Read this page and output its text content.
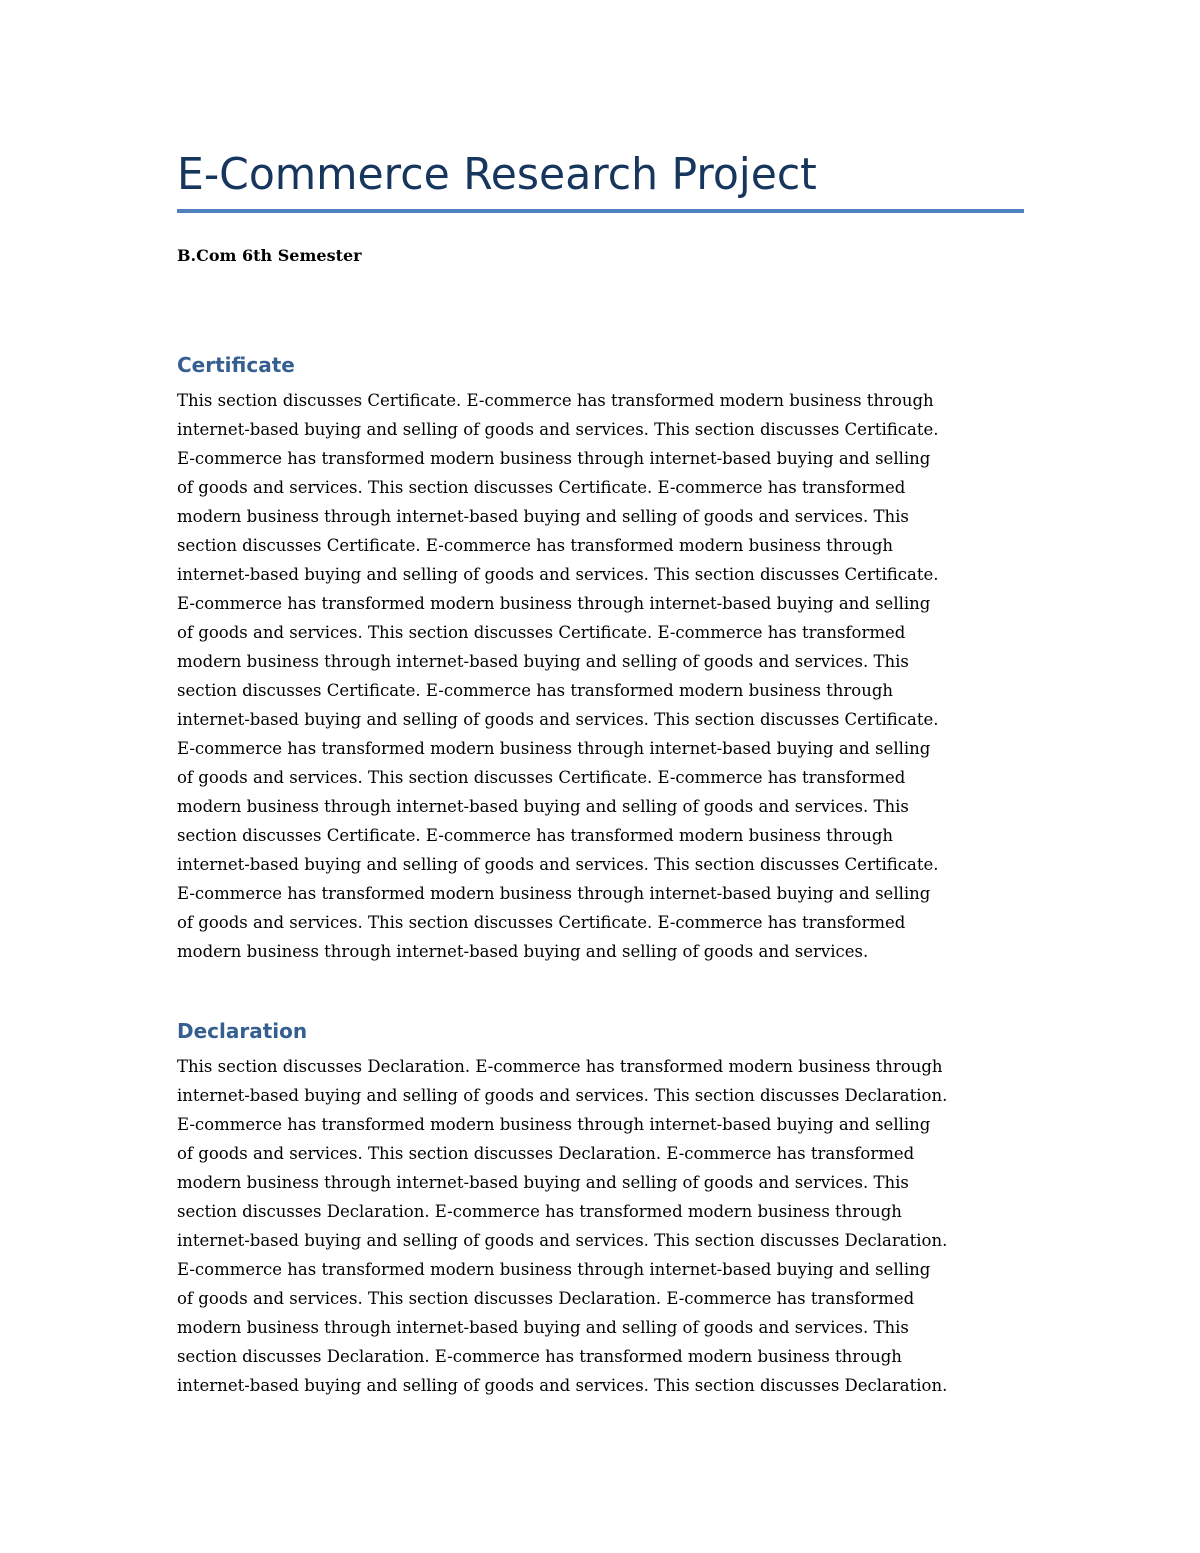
E-Commerce Research Project

B.Com 6th Semester

Certificate
This section discusses Certificate. E-commerce has transformed modern business through
internet-based buying and selling of goods and services. This section discusses Certificate.
E-commerce has transformed modern business through internet-based buying and selling
of goods and services. This section discusses Certificate. E-commerce has transformed
modern business through internet-based buying and selling of goods and services. This
section discusses Certificate. E-commerce has transformed modern business through
internet-based buying and selling of goods and services. This section discusses Certificate.
E-commerce has transformed modern business through internet-based buying and selling
of goods and services. This section discusses Certificate. E-commerce has transformed
modern business through internet-based buying and selling of goods and services. This
section discusses Certificate. E-commerce has transformed modern business through
internet-based buying and selling of goods and services. This section discusses Certificate.
E-commerce has transformed modern business through internet-based buying and selling
of goods and services. This section discusses Certificate. E-commerce has transformed
modern business through internet-based buying and selling of goods and services. This
section discusses Certificate. E-commerce has transformed modern business through
internet-based buying and selling of goods and services. This section discusses Certificate.
E-commerce has transformed modern business through internet-based buying and selling
of goods and services. This section discusses Certificate. E-commerce has transformed
modern business through internet-based buying and selling of goods and services.
Declaration
This section discusses Declaration. E-commerce has transformed modern business through
internet-based buying and selling of goods and services. This section discusses Declaration.
E-commerce has transformed modern business through internet-based buying and selling
of goods and services. This section discusses Declaration. E-commerce has transformed
modern business through internet-based buying and selling of goods and services. This
section discusses Declaration. E-commerce has transformed modern business through
internet-based buying and selling of goods and services. This section discusses Declaration.
E-commerce has transformed modern business through internet-based buying and selling
of goods and services. This section discusses Declaration. E-commerce has transformed
modern business through internet-based buying and selling of goods and services. This
section discusses Declaration. E-commerce has transformed modern business through
internet-based buying and selling of goods and services. This section discusses Declaration.
